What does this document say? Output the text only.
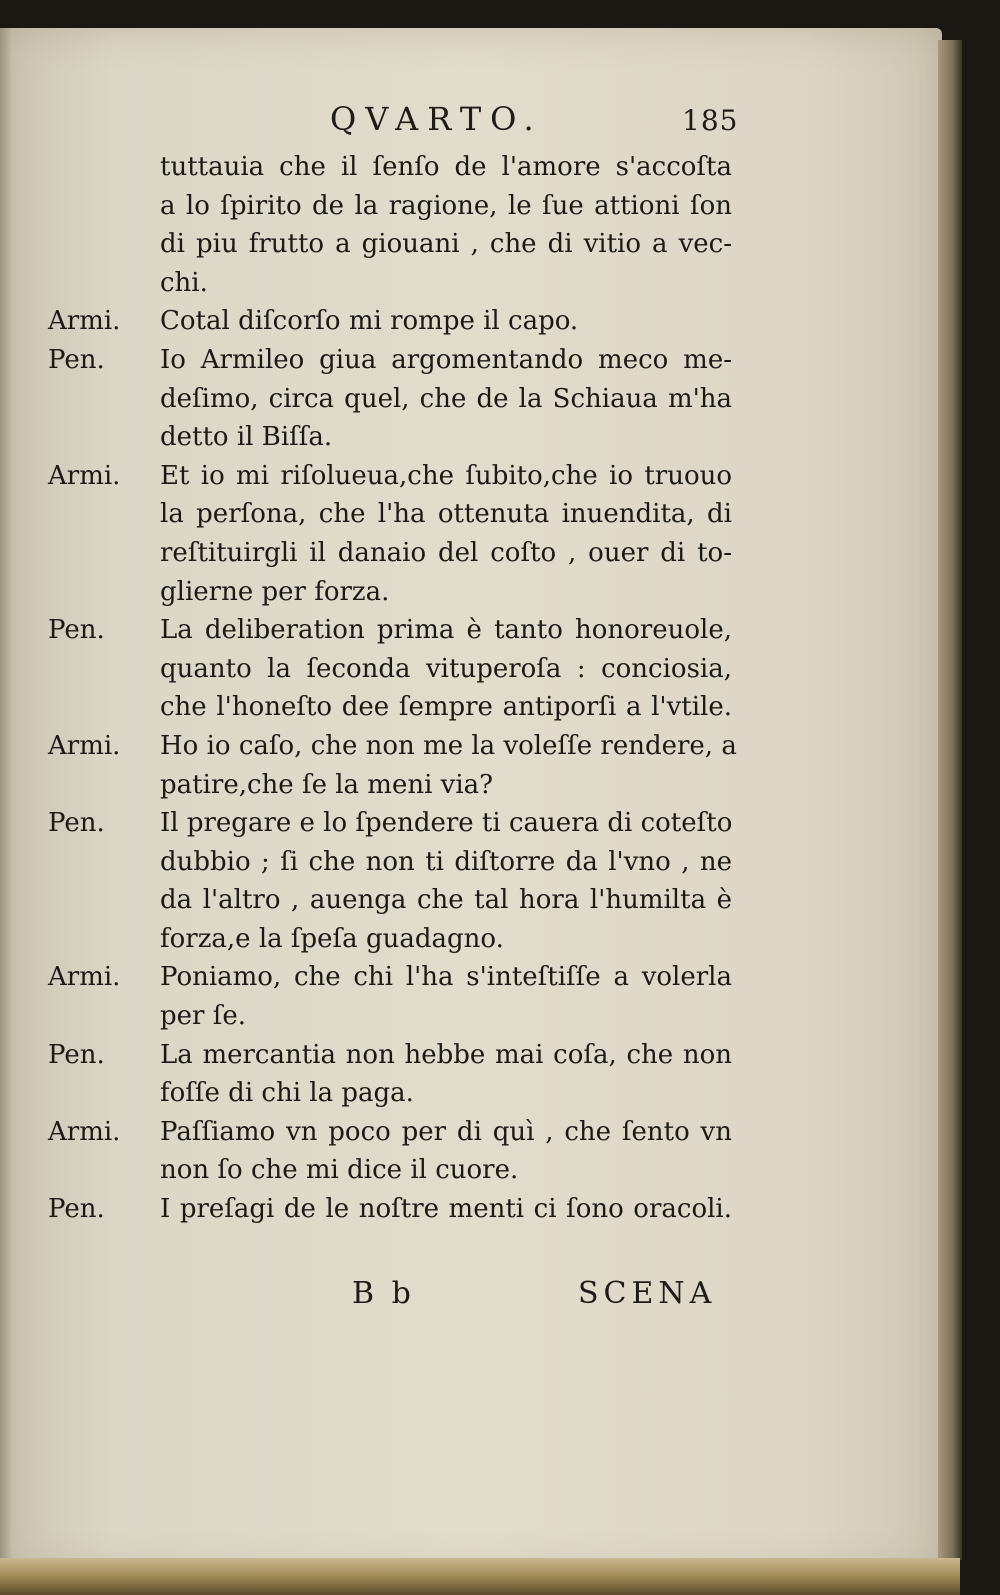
QVARTO.	185
tuttauia che il ſenſo de l'amore s'accoſta
a lo ſpirito de la ragione, le ſue attioni ſon
di piu frutto a giouani , che di vitio a vec-
chi.
Armi. Cotal diſcorſo mi rompe il capo.
Pen. Io Armileo giua argomentando meco me-
deſimo, circa quel, che de la Schiaua m'ha
detto il Biſſa.
Armi. Et io mi riſolueua,che ſubito,che io truouo
la perſona, che l'ha ottenuta inuendita, di
reſtituirgli il danaio del coſto , ouer di to-
glierne per forza.
Pen. La deliberation prima è tanto honoreuole,
quanto la ſeconda vituperoſa : conciosia,
che l'honeſto dee ſempre antiporſi a l'vtile.
Armi. Ho io caſo, che non me la voleſſe rendere, a
patire,che ſe la meni via?
Pen. Il pregare e lo ſpendere ti cauera di coteſto
dubbio ; ſi che non ti diſtorre da l'vno , ne
da l'altro , auenga che tal hora l'humilta è
forza,e la ſpeſa guadagno.
Armi. Poniamo, che chi l'ha s'inteſtiſſe a volerla
per ſe.
Pen. La mercantia non hebbe mai coſa, che non
foſſe di chi la paga.
Armi. Paſſiamo vn poco per di quì , che ſento vn
non ſo che mi dice il cuore.
Pen. I preſagi de le noſtre menti ci ſono oracoli.
B b	SCENA
